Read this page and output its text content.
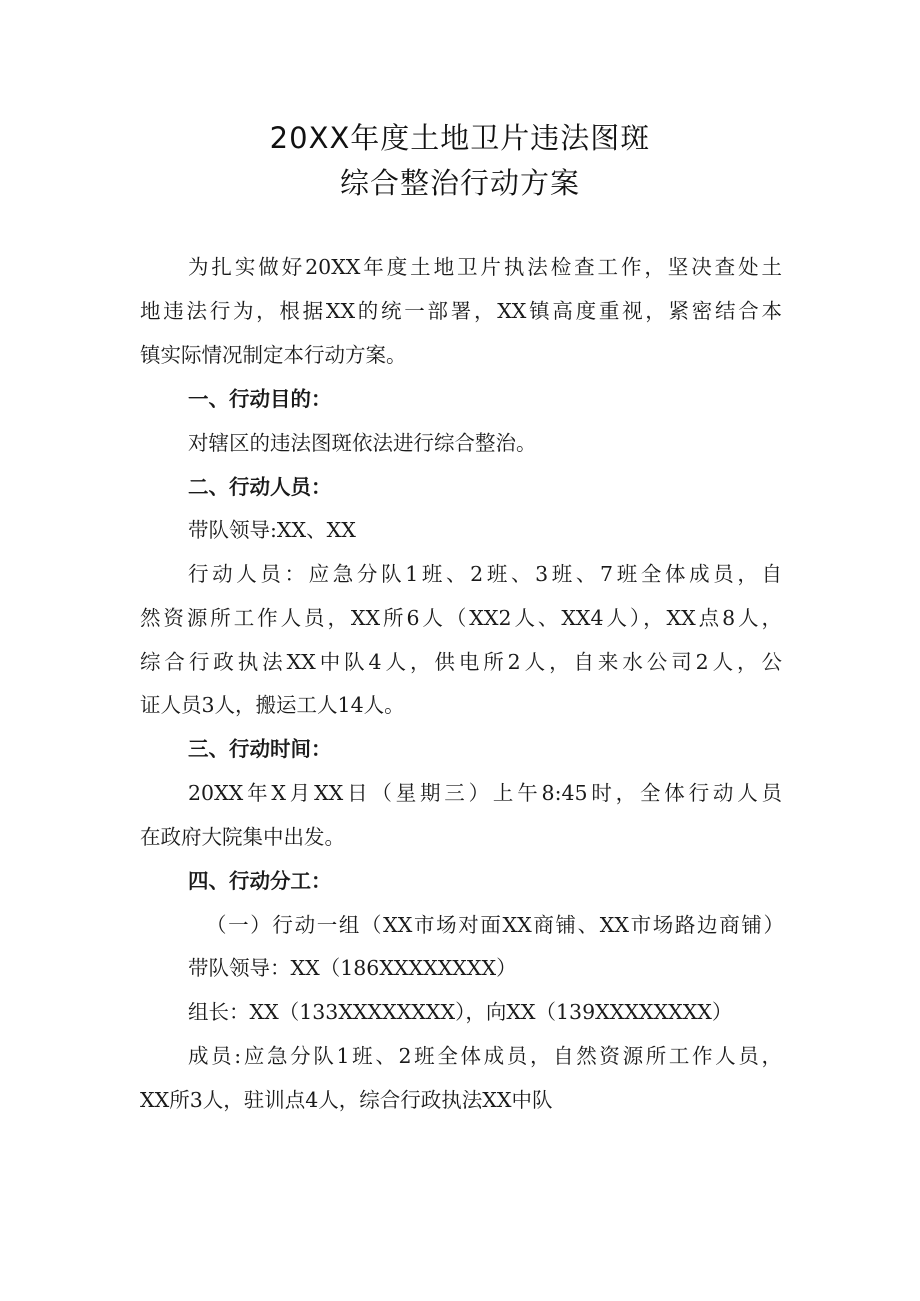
20XX年度土地卫片违法图斑
综合整治行动方案
为扎实做好20XX年度土地卫片执法检查工作，坚决查处土
地违法行为，根据XX的统一部署，XX镇高度重视，紧密结合本
镇实际情况制定本行动方案。
一、行动目的：
对辖区的违法图斑依法进行综合整治。
二、行动人员：
带队领导:XX、XX
行动人员：应急分队1班、2班、3班、7班全体成员，自
然资源所工作人员，XX所6人（XX2人、XX4人），XX点8人，
综合行政执法XX中队4人，供电所2人，自来水公司2人，公
证人员3人，搬运工人14人。
三、行动时间：
20XX年X月XX日（星期三）上午8:45时，全体行动人员
在政府大院集中出发。
四、行动分工：
（一）行动一组（XX市场对面XX商铺、XX市场路边商铺）
带队领导：XX（186XXXXXXXX）
组长：XX（133XXXXXXXX），向XX（139XXXXXXXX）
成员:应急分队1班、2班全体成员，自然资源所工作人员，
XX所3人，驻训点4人，综合行政执法XX中队
